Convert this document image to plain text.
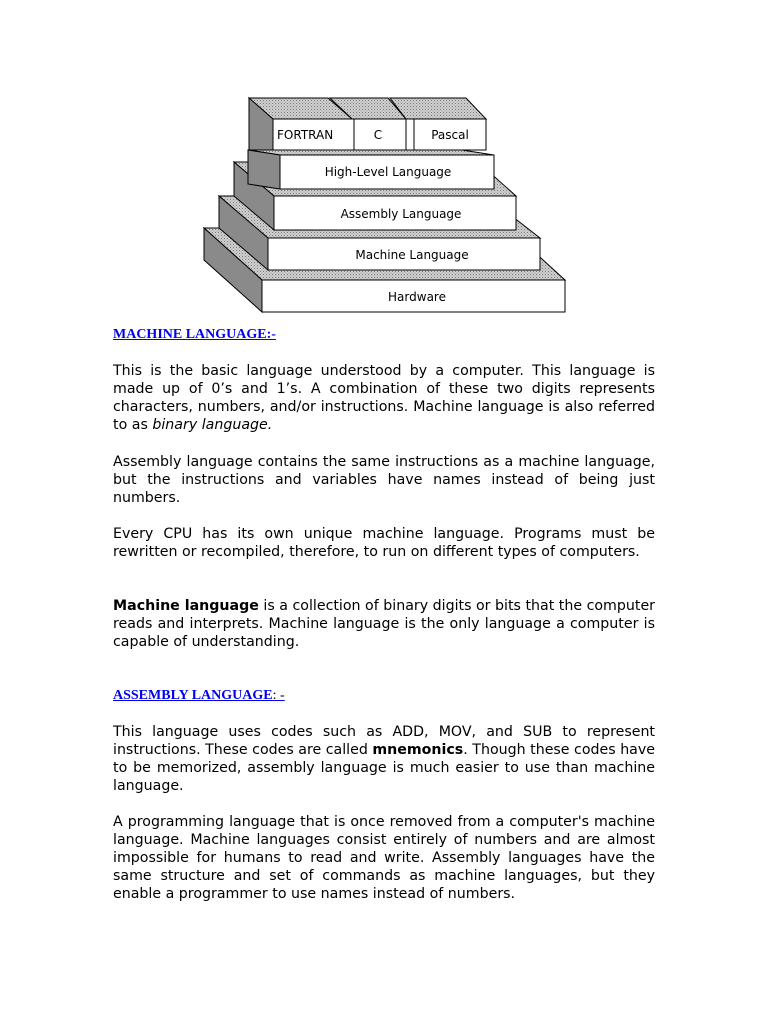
Hardware
Machine Language
Assembly Language
High-Level Language
FORTRAN	C	Pascal
MACHINE LANGUAGE:-

This is the basic language understood by a computer. This language is made up of 0’s and 1’s. A combination of these two digits represents characters, numbers, and/or instructions. Machine language is also referred to as binary language.

Assembly language contains the same instructions as a machine language, but the instructions and variables have names instead of being just numbers.

Every CPU has its own unique machine language. Programs must be rewritten or recompiled, therefore, to run on different types of computers.

Machine language is a collection of binary digits or bits that the computer reads and interprets. Machine language is the only language a computer is capable of understanding.

ASSEMBLY LANGUAGE: -

This language uses codes such as ADD, MOV, and SUB to represent instructions. These codes are called mnemonics. Though these codes have to be memorized, assembly language is much easier to use than machine language.

A programming language that is once removed from a computer's machine language. Machine languages consist entirely of numbers and are almost impossible for humans to read and write. Assembly languages have the same structure and set of commands as machine languages, but they enable a programmer to use names instead of numbers.
